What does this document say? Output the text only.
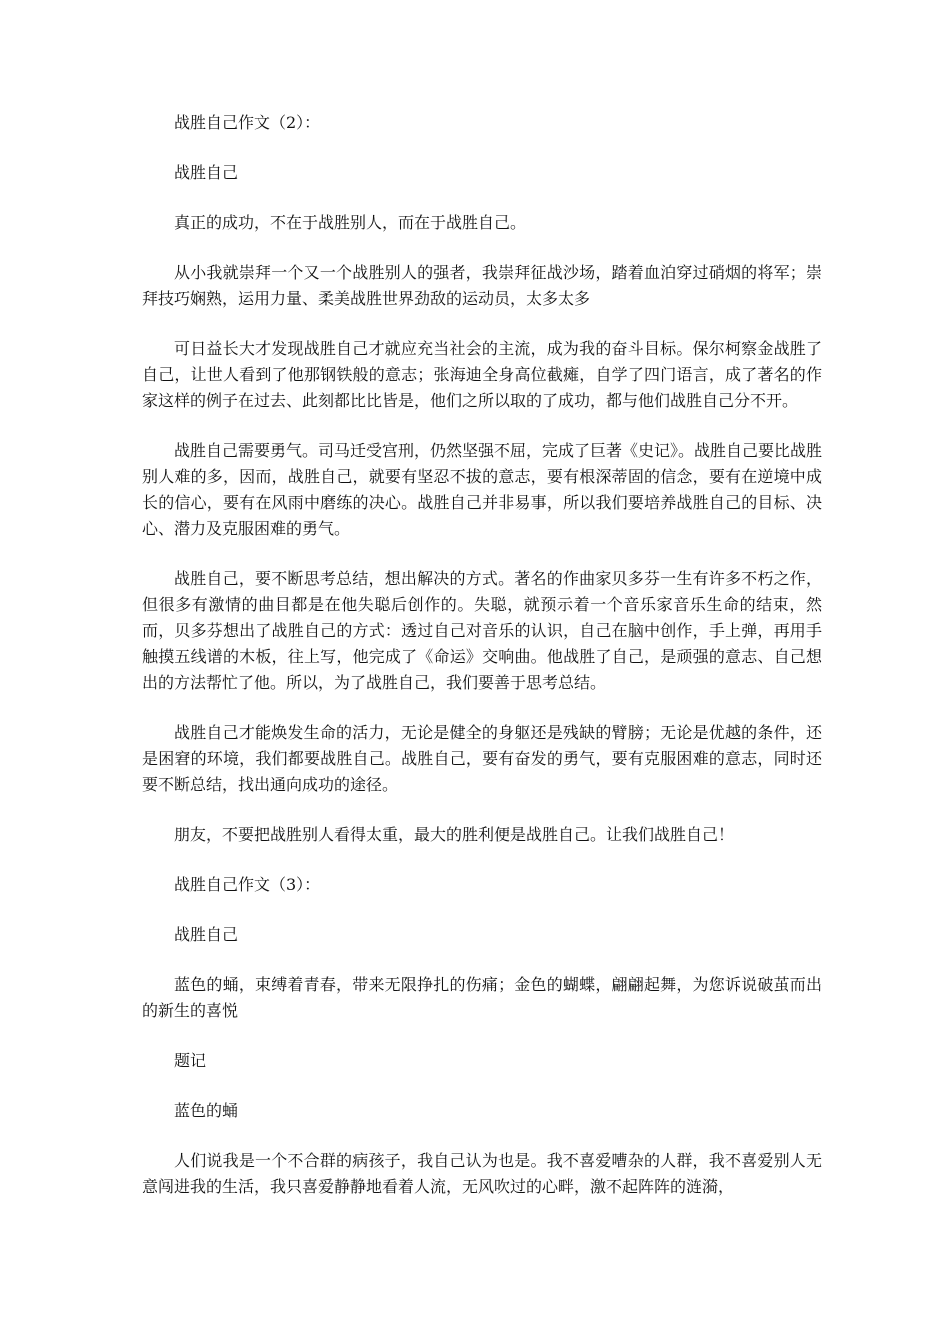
战胜自己作文（2）：

战胜自己

真正的成功，不在于战胜别人，而在于战胜自己。

从小我就崇拜一个又一个战胜别人的强者，我崇拜征战沙场，踏着血泊穿过硝烟的将军；崇拜技巧娴熟，运用力量、柔美战胜世界劲敌的运动员，太多太多

可日益长大才发现战胜自己才就应充当社会的主流，成为我的奋斗目标。保尔柯察金战胜了自己，让世人看到了他那钢铁般的意志；张海迪全身高位截瘫，自学了四门语言，成了著名的作家这样的例子在过去、此刻都比比皆是，他们之所以取的了成功，都与他们战胜自己分不开。

战胜自己需要勇气。司马迁受宫刑，仍然坚强不屈，完成了巨著《史记》。战胜自己要比战胜别人难的多，因而，战胜自己，就要有坚忍不拔的意志，要有根深蒂固的信念，要有在逆境中成长的信心，要有在风雨中磨练的决心。战胜自己并非易事，所以我们要培养战胜自己的目标、决心、潜力及克服困难的勇气。

战胜自己，要不断思考总结，想出解决的方式。著名的作曲家贝多芬一生有许多不朽之作，但很多有激情的曲目都是在他失聪后创作的。失聪，就预示着一个音乐家音乐生命的结束，然而，贝多芬想出了战胜自己的方式：透过自己对音乐的认识，自己在脑中创作，手上弹，再用手触摸五线谱的木板，往上写，他完成了《命运》交响曲。他战胜了自己，是顽强的意志、自己想出的方法帮忙了他。所以，为了战胜自己，我们要善于思考总结。

战胜自己才能焕发生命的活力，无论是健全的身躯还是残缺的臂膀；无论是优越的条件，还是困窘的环境，我们都要战胜自己。战胜自己，要有奋发的勇气，要有克服困难的意志，同时还要不断总结，找出通向成功的途径。

朋友，不要把战胜别人看得太重，最大的胜利便是战胜自己。让我们战胜自己！

战胜自己作文（3）：

战胜自己

蓝色的蛹，束缚着青春，带来无限挣扎的伤痛；金色的蝴蝶，翩翩起舞，为您诉说破茧而出的新生的喜悦

题记

蓝色的蛹

人们说我是一个不合群的病孩子，我自己认为也是。我不喜爱嘈杂的人群，我不喜爱别人无意闯进我的生活，我只喜爱静静地看着人流，无风吹过的心畔，激不起阵阵的涟漪，
